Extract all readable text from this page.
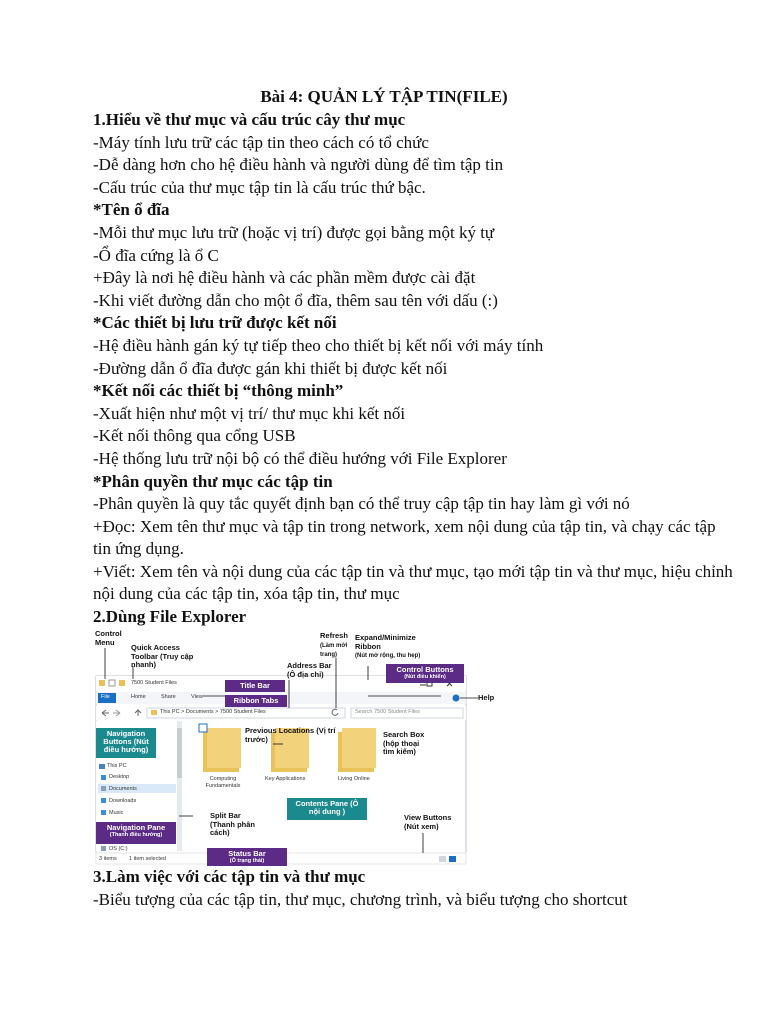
Bài 4: QUẢN LÝ TẬP TIN(FILE)
1.Hiểu về thư mục và cấu trúc cây thư mục
-Máy tính lưu trữ các tập tin theo cách có tổ chức
-Dễ dàng hơn cho hệ điều hành và người dùng để tìm tập tin
-Cấu trúc của thư mục tập tin là cấu trúc thứ bậc.
*Tên ổ đĩa
-Mỗi thư mục lưu trữ (hoặc vị trí) được gọi bằng một ký tự
-Ổ đĩa cứng là ổ C
+Đây là nơi hệ điều hành và các phần mềm được cài đặt
-Khi viết đường dẫn cho một ổ đĩa, thêm sau tên với dấu (:)
*Các thiết bị lưu trữ được kết nối
-Hệ điều hành gán ký tự tiếp theo cho thiết bị kết nối với máy tính
-Đường dẫn ổ đĩa được gán khi thiết bị được kết nối
*Kết nối các thiết bị “thông minh”
-Xuất hiện như một vị trí/ thư mục khi kết nối
-Kết nối thông qua cổng USB
-Hệ thống lưu trữ nội bộ có thể điều hướng với File Explorer
*Phân quyền thư mục các tập tin
-Phân quyền là quy tắc quyết định bạn có thể truy cập tập tin hay làm gì với nó
+Đọc: Xem tên thư mục và tập tin trong network, xem nội dung của tập tin, và chạy các tập tin ứng dụng.
+Viết: Xem tên và nội dung của các tập tin và thư mục, tạo mới tập tin và thư mục, hiệu chỉnh nội dung của các tập tin, xóa tập tin, thư mục
2.Dùng File Explorer
7500 Student Files
File	Home	Share	View
This PC > Documents > 7500 Student Files	Search 7500 Student Files
This PC
Desktop
Documents
Downloads
Music
OS (C:)
Computing Fundamentals
Key Applications	Living Online
3 items 1 item selected
Control Menu
Quick Access Toolbar (Truy cập nhanh)
Refresh
(Làm mới trang)
Expand/Minimize Ribbon
(Nút mở rộng, thu hẹp)
Address Bar (Ô địa chỉ)
Help
Previous Locations (Vị trí trước)	Search Box (hộp thoại tìm kiếm)
Split Bar (Thanh phân cách)
View Buttons (Nút xem)
Title Bar
Ribbon Tabs
Control Buttons
(Nút điều khiển)
Navigation Buttons (Nút điều hướng)
Contents Pane (Ô nội dung )
Navigation Pane
(Thanh điều hướng)
Status Bar
(Ô trạng thái)
3.Làm việc với các tập tin và thư mục
-Biểu tượng của các tập tin, thư mục, chương trình, và biểu tượng cho shortcut
